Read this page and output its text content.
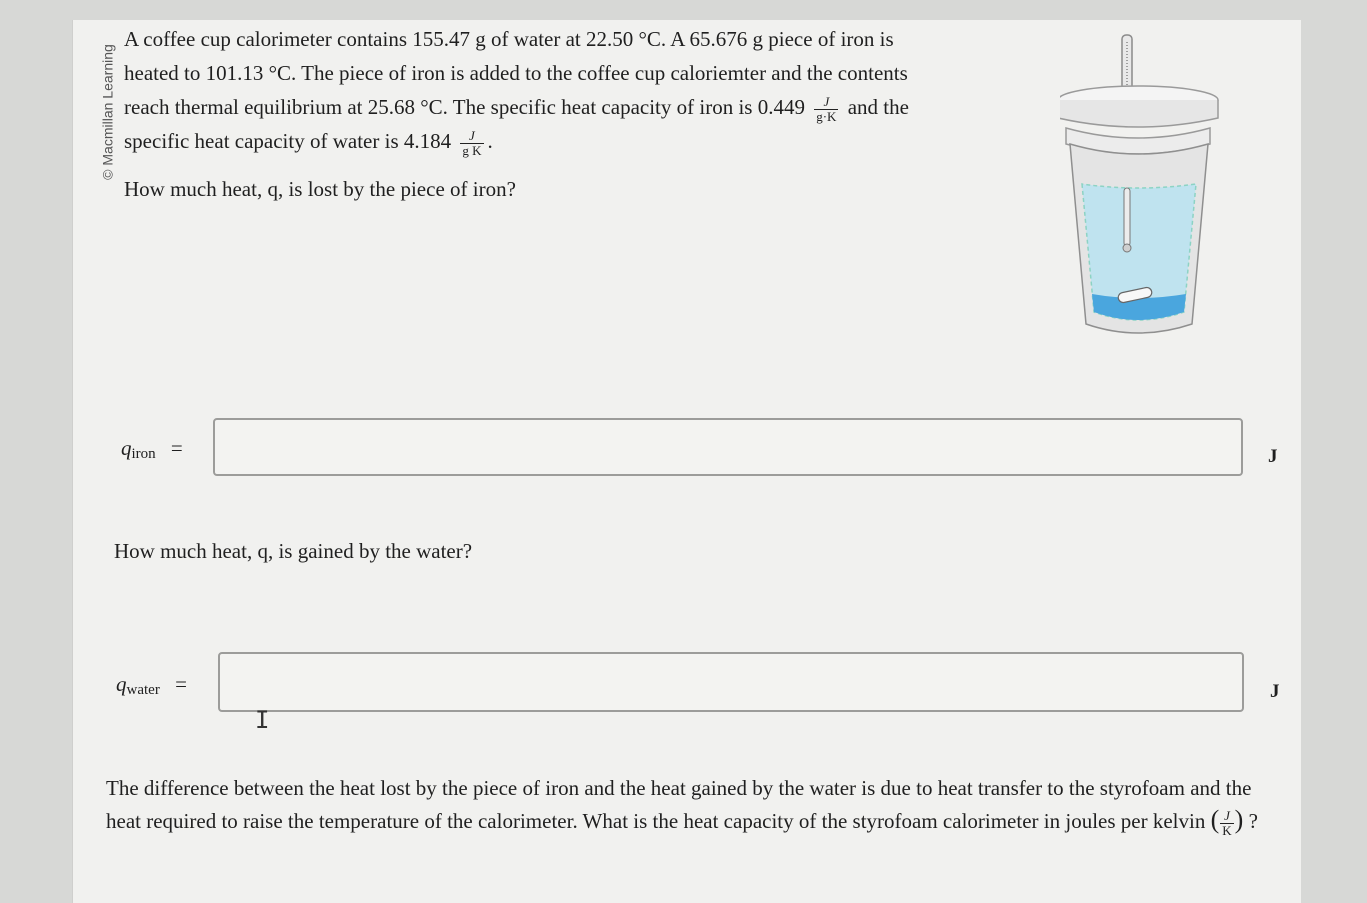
© Macmillan Learning
A coffee cup calorimeter contains 155.47 g of water at 22.50 °C. A 65.676 g piece of iron is
heated to 101.13 °C. The piece of iron is added to the coffee cup caloriemter and the contents
reach thermal equilibrium at 25.68 °C. The specific heat capacity of iron is $0.449 \frac{J}{g\cdot K}$ and the
specific heat capacity of water is $4.184 \frac{J}{\text{g K}}$ .
How much heat, q, is lost by the piece of iron?
$q_{iron}$ =	J
How much heat, q, is gained by the water?
$q_{water}$ =	J
I
The difference between the heat lost by the piece of iron and the heat gained by the water is due to heat transfer to the styrofoam and the heat required to raise the temperature of the calorimeter. What is the heat capacity of the styrofoam calorimeter in joules per kelvin ( $\frac{J}{K}$ ) ?
